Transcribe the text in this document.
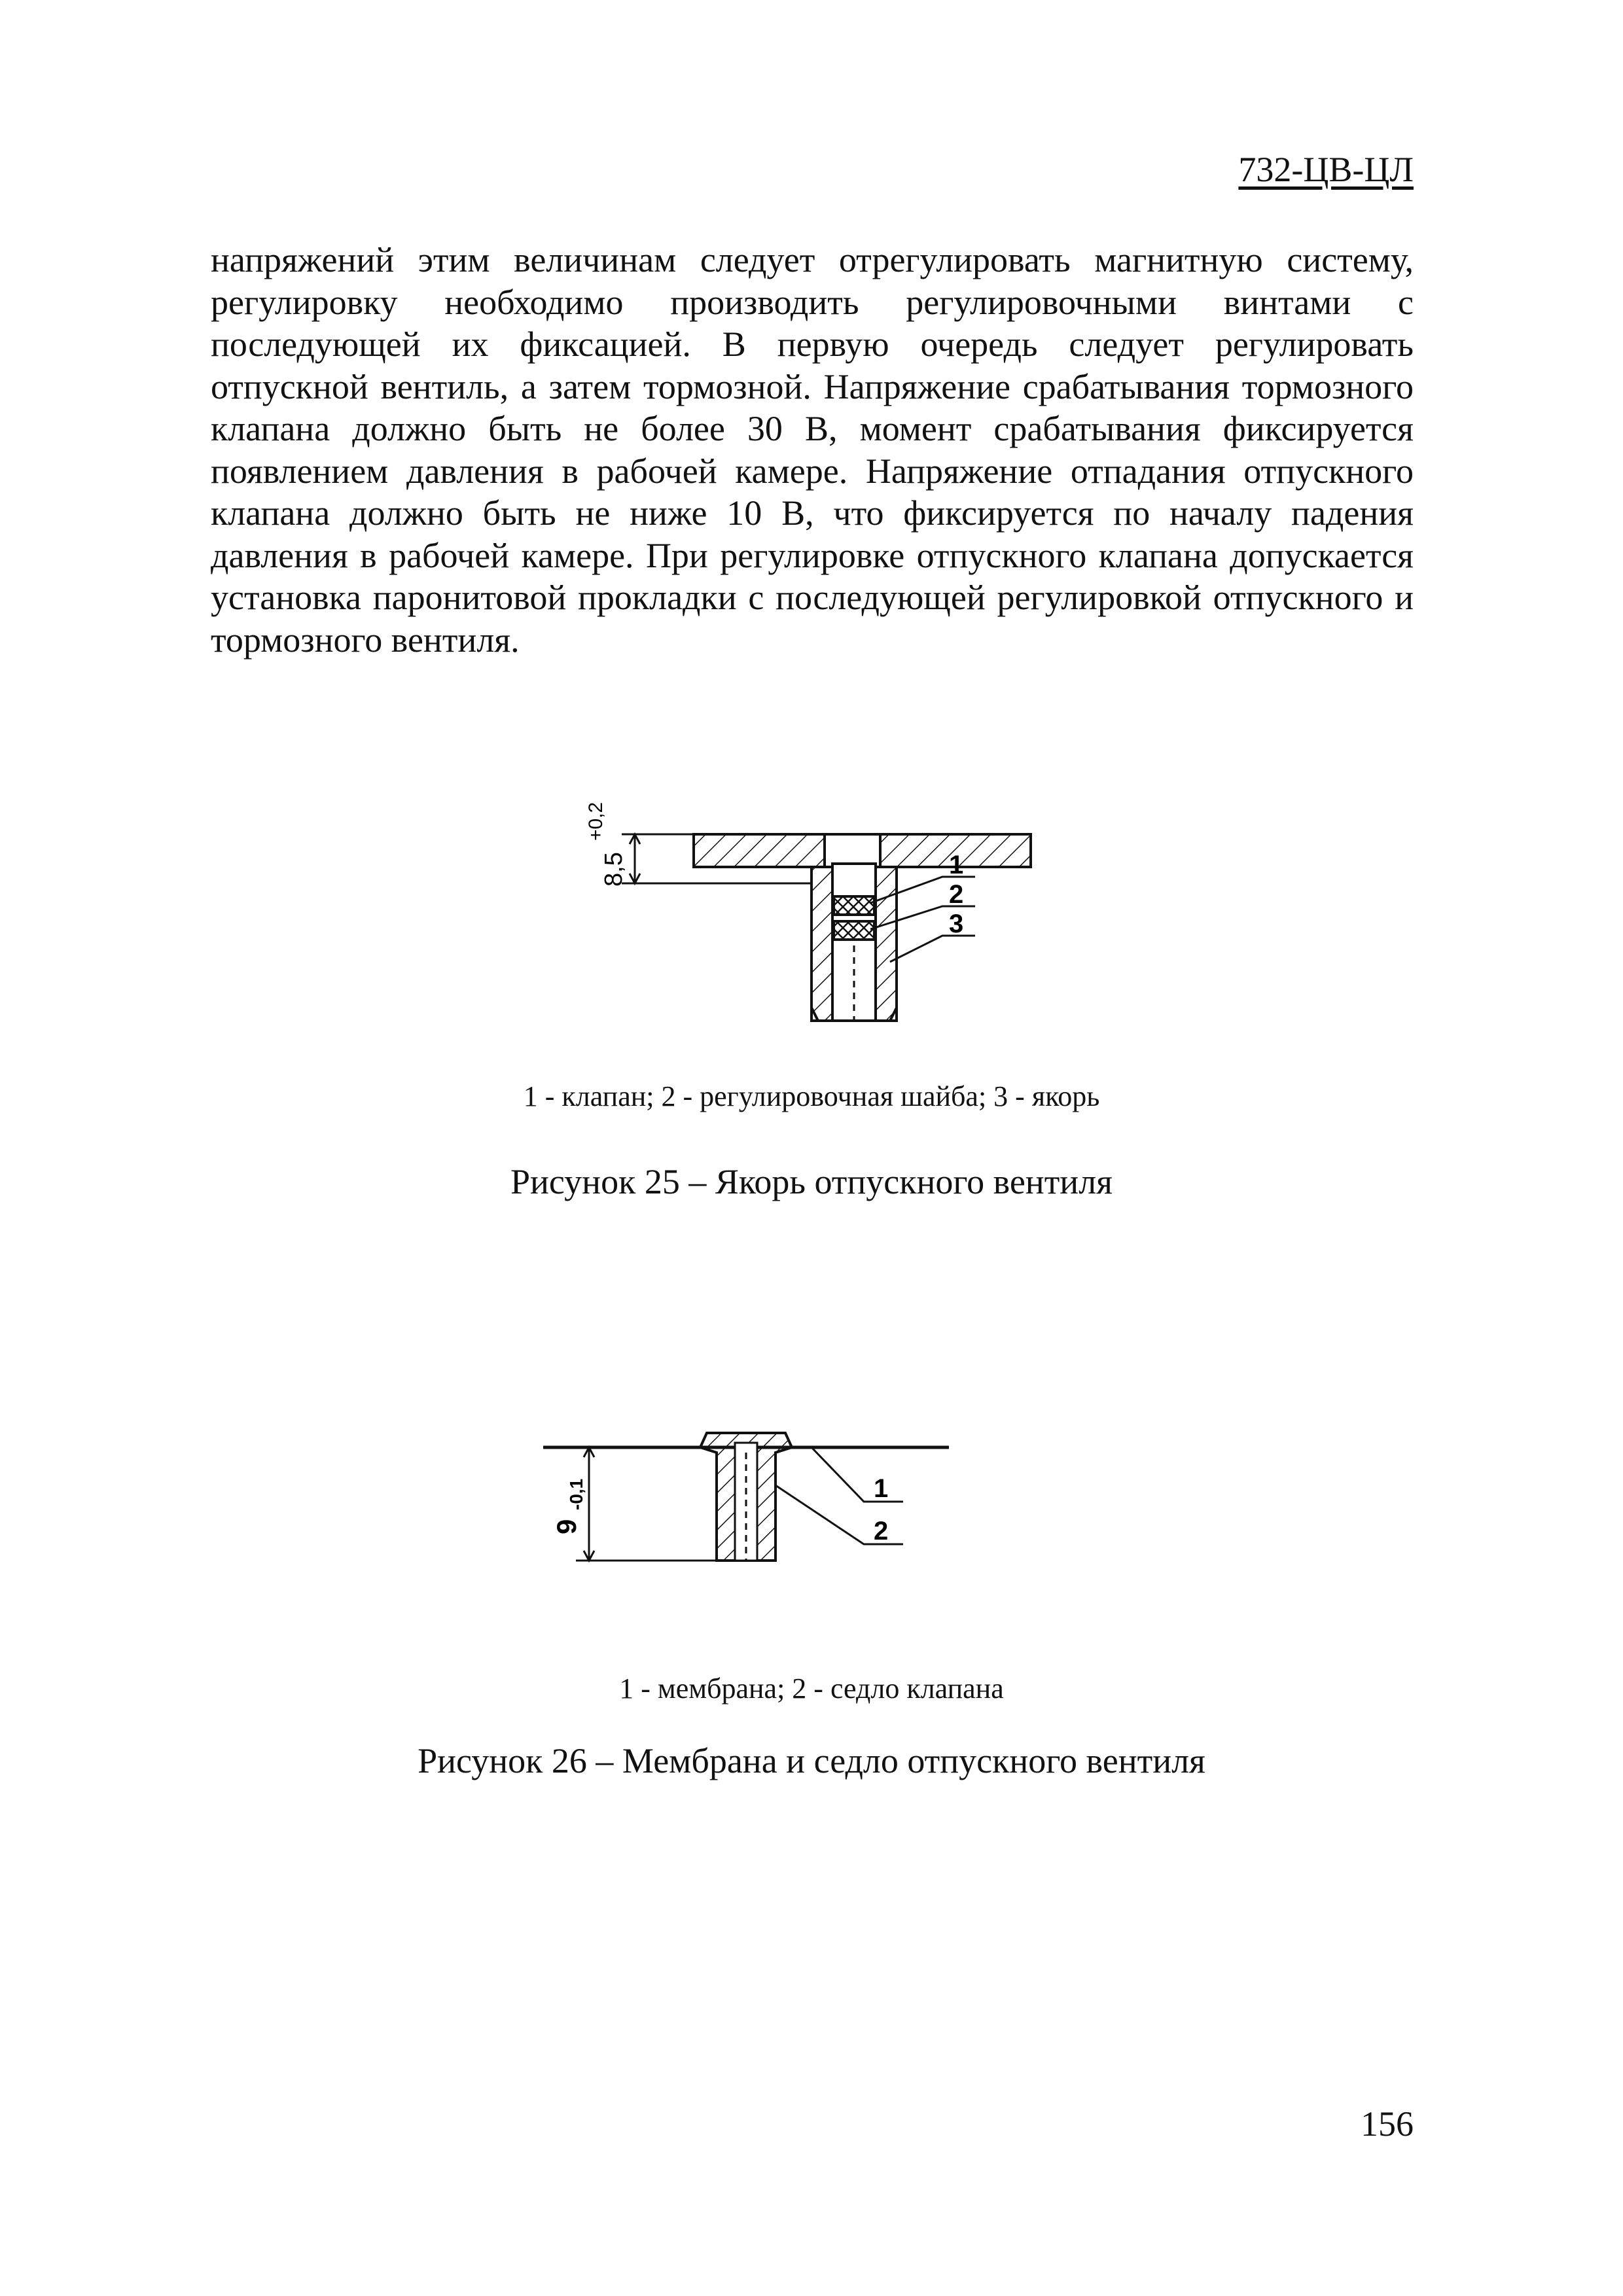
732-ЦВ-ЦЛ

напряжений этим величинам следует отрегулировать магнитную систему, регулировку необходимо производить регулировочными винтами с последующей их фиксацией. В первую очередь следует регулировать отпускной вентиль, а затем тормозной. Напряжение срабатывания тормозного клапана должно быть не более 30 В, момент срабатывания фиксируется появлением давления в рабочей камере. Напряжение отпадания отпускного клапана должно быть не ниже 10 В, что фиксируется по началу падения давления в рабочей камере. При регулировке отпускного клапана допускается установка паронитовой прокладки с последующей регулировкой отпускного и тормозного вентиля.

8,5
+0,2
1
2
3
1 - клапан; 2 - регулировочная шайба; 3 - якорь
Рисунок 25 – Якорь отпускного вентиля
9
-0,1	1
2
1 - мембрана; 2 - седло клапана
Рисунок 26 – Мембрана и седло отпускного вентиля
156
